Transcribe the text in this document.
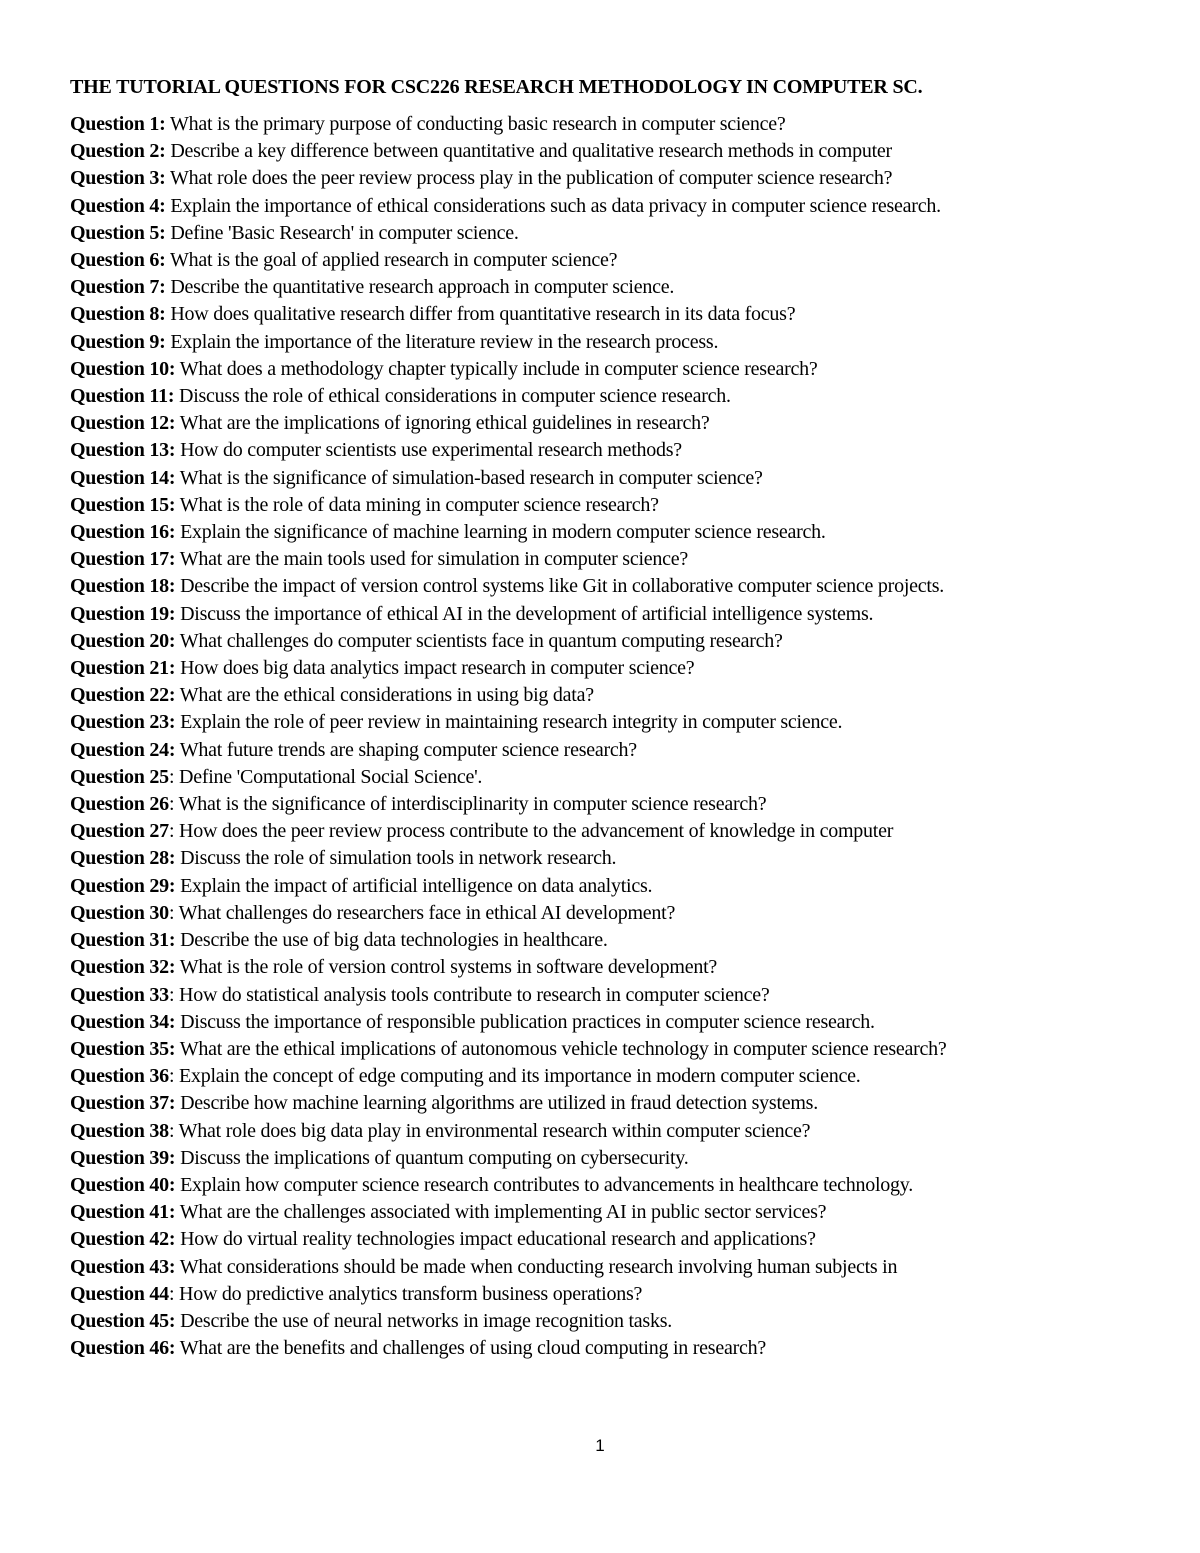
THE TUTORIAL QUESTIONS FOR CSC226 RESEARCH METHODOLOGY IN COMPUTER SC.
Question 1: What is the primary purpose of conducting basic research in computer science?
Question 2: Describe a key difference between quantitative and qualitative research methods in computer
Question 3: What role does the peer review process play in the publication of computer science research?
Question 4: Explain the importance of ethical considerations such as data privacy in computer science research.
Question 5: Define 'Basic Research' in computer science.
Question 6: What is the goal of applied research in computer science?
Question 7: Describe the quantitative research approach in computer science.
Question 8: How does qualitative research differ from quantitative research in its data focus?
Question 9: Explain the importance of the literature review in the research process.
Question 10: What does a methodology chapter typically include in computer science research?
Question 11: Discuss the role of ethical considerations in computer science research.
Question 12: What are the implications of ignoring ethical guidelines in research?
Question 13: How do computer scientists use experimental research methods?
Question 14: What is the significance of simulation-based research in computer science?
Question 15: What is the role of data mining in computer science research?
Question 16: Explain the significance of machine learning in modern computer science research.
Question 17: What are the main tools used for simulation in computer science?
Question 18: Describe the impact of version control systems like Git in collaborative computer science projects.
Question 19: Discuss the importance of ethical AI in the development of artificial intelligence systems.
Question 20: What challenges do computer scientists face in quantum computing research?
Question 21: How does big data analytics impact research in computer science?
Question 22: What are the ethical considerations in using big data?
Question 23: Explain the role of peer review in maintaining research integrity in computer science.
Question 24: What future trends are shaping computer science research?
Question 25: Define 'Computational Social Science'.
Question 26: What is the significance of interdisciplinarity in computer science research?
Question 27: How does the peer review process contribute to the advancement of knowledge in computer
Question 28: Discuss the role of simulation tools in network research.
Question 29: Explain the impact of artificial intelligence on data analytics.
Question 30: What challenges do researchers face in ethical AI development?
Question 31: Describe the use of big data technologies in healthcare.
Question 32: What is the role of version control systems in software development?
Question 33: How do statistical analysis tools contribute to research in computer science?
Question 34: Discuss the importance of responsible publication practices in computer science research.
Question 35: What are the ethical implications of autonomous vehicle technology in computer science research?
Question 36: Explain the concept of edge computing and its importance in modern computer science.
Question 37: Describe how machine learning algorithms are utilized in fraud detection systems.
Question 38: What role does big data play in environmental research within computer science?
Question 39: Discuss the implications of quantum computing on cybersecurity.
Question 40: Explain how computer science research contributes to advancements in healthcare technology.
Question 41: What are the challenges associated with implementing AI in public sector services?
Question 42: How do virtual reality technologies impact educational research and applications?
Question 43: What considerations should be made when conducting research involving human subjects in
Question 44: How do predictive analytics transform business operations?
Question 45: Describe the use of neural networks in image recognition tasks.
Question 46: What are the benefits and challenges of using cloud computing in research?
1
